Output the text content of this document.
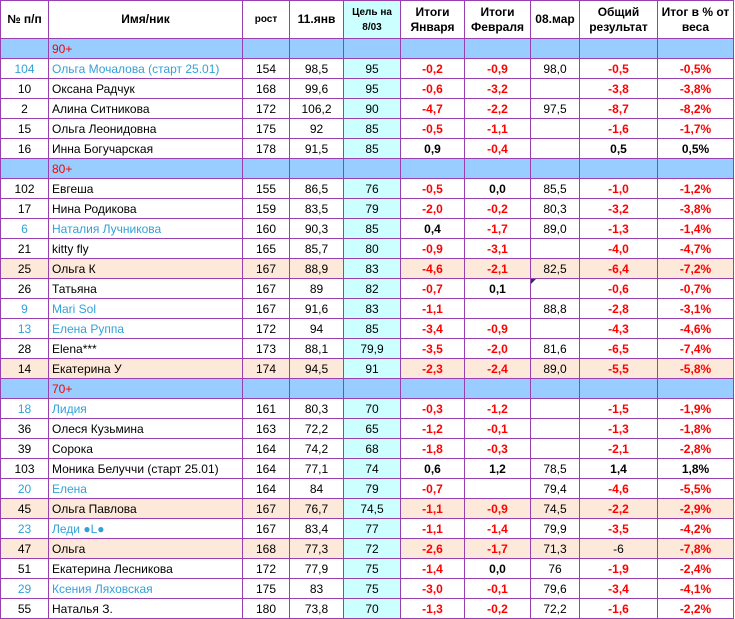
№ п/п	Имя/ник	рост	11.янв	Цель на 8/03	Итоги Января	Итоги Февраля	08.мар	Общий результат	Итог в % от веса
	90+								
104	Ольга Мочалова (старт 25.01)	154	98,5	95	-0,2	-0,9	98,0	-0,5	-0,5%
10	Оксана Радчук	168	99,6	95	-0,6	-3,2		-3,8	-3,8%
2	Алина Ситникова	172	106,2	90	-4,7	-2,2	97,5	-8,7	-8,2%
15	Ольга Леонидовна	175	92	85	-0,5	-1,1		-1,6	-1,7%
16	Инна Богучарская	178	91,5	85	0,9	-0,4		0,5	0,5%
	80+								
102	Евгеша	155	86,5	76	-0,5	0,0	85,5	-1,0	-1,2%
17	Нина Родикова	159	83,5	79	-2,0	-0,2	80,3	-3,2	-3,8%
6	Наталия Лучникова	160	90,3	85	0,4	-1,7	89,0	-1,3	-1,4%
21	kitty fly	165	85,7	80	-0,9	-3,1		-4,0	-4,7%
25	Ольга К	167	88,9	83	-4,6	-2,1	82,5	-6,4	-7,2%
26	Татьяна	167	89	82	-0,7	0,1		-0,6	-0,7%
9	Mari Sol	167	91,6	83	-1,1		88,8	-2,8	-3,1%
13	Елена Руппа	172	94	85	-3,4	-0,9		-4,3	-4,6%
28	Elena***	173	88,1	79,9	-3,5	-2,0	81,6	-6,5	-7,4%
14	Екатерина У	174	94,5	91	-2,3	-2,4	89,0	-5,5	-5,8%
	70+								
18	Лидия	161	80,3	70	-0,3	-1,2		-1,5	-1,9%
36	Олеся Кузьмина	163	72,2	65	-1,2	-0,1		-1,3	-1,8%
39	Сорока	164	74,2	68	-1,8	-0,3		-2,1	-2,8%
103	Моника Белуччи (старт 25.01)	164	77,1	74	0,6	1,2	78,5	1,4	1,8%
20	Елена	164	84	79	-0,7		79,4	-4,6	-5,5%
45	Ольга Павлова	167	76,7	74,5	-1,1	-0,9	74,5	-2,2	-2,9%
23	Леди ●L●	167	83,4	77	-1,1	-1,4	79,9	-3,5	-4,2%
47	Ольга	168	77,3	72	-2,6	-1,7	71,3	-6	-7,8%
51	Екатерина Лесникова	172	77,9	75	-1,4	0,0	76	-1,9	-2,4%
29	Ксения Ляховская	175	83	75	-3,0	-0,1	79,6	-3,4	-4,1%
55	Наталья З.	180	73,8	70	-1,3	-0,2	72,2	-1,6	-2,2%
